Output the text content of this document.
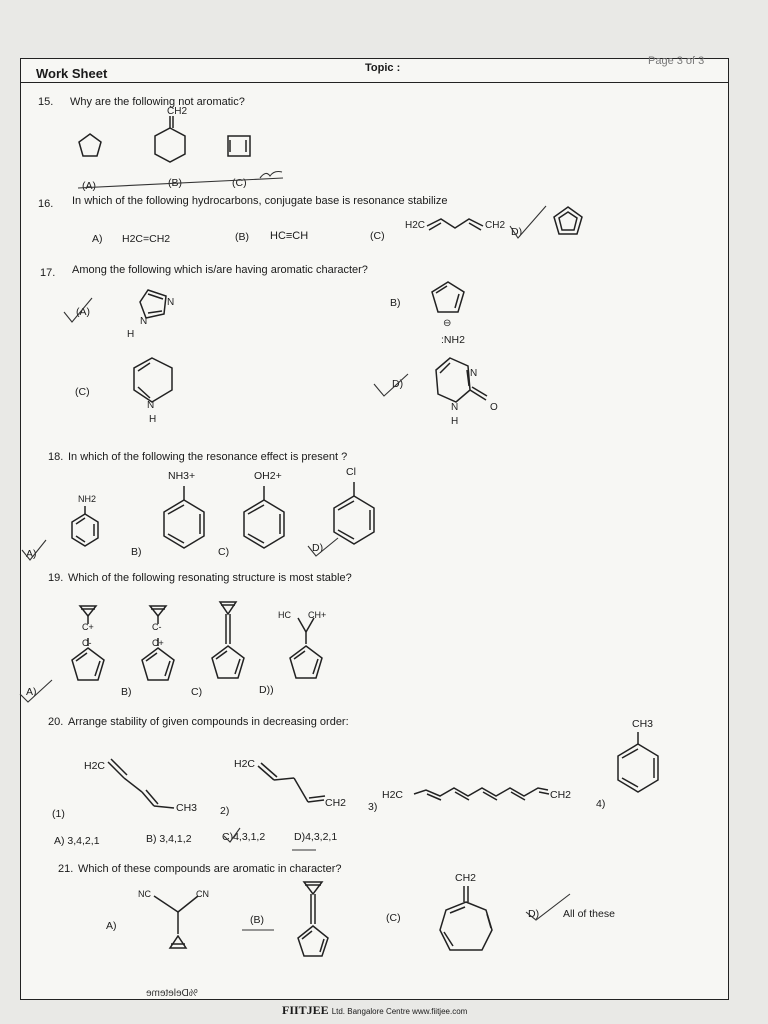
Work Sheet	Topic :
Page 3 of 3
15. Why are the following not aromatic?
CH2
(A)	(B)	(C)
16. In which of the following hydrocarbons, conjugate base is resonance stabilize
A) H2C=CH2	(B) HC≡CH	(C)
H2C	CH2
D)
17. Among the following which is/are having aromatic character?
(A)
N
N
H
B)
⊖
:NH2
(C)
N
H
D)
N
N	O
H
18. In which of the following the resonance effect is present ?
NH2
NH3+	OH2+	Cl
A)	B)	C)	D)
19. Which of the following resonating structure is most stable?
C+
C-
C-
C+
HC CH+
A)	B)	C)	D))
20. Arrange stability of given compounds in decreasing order:
H2C
CH3
H2C
CH2
H2C	CH2
CH3
(1)	2)	3)	4)
A) 3,4,2,1	B) 3,4,1,2	C)4,3,1,2	D)4,3,2,1
21. Which of these compounds are aromatic in character?
NC	CN
CH2
A)	(B)	(C)	D) All of these
%Deleteme
FIITJEE Ltd. Bangalore Centre www.fiitjee.com
